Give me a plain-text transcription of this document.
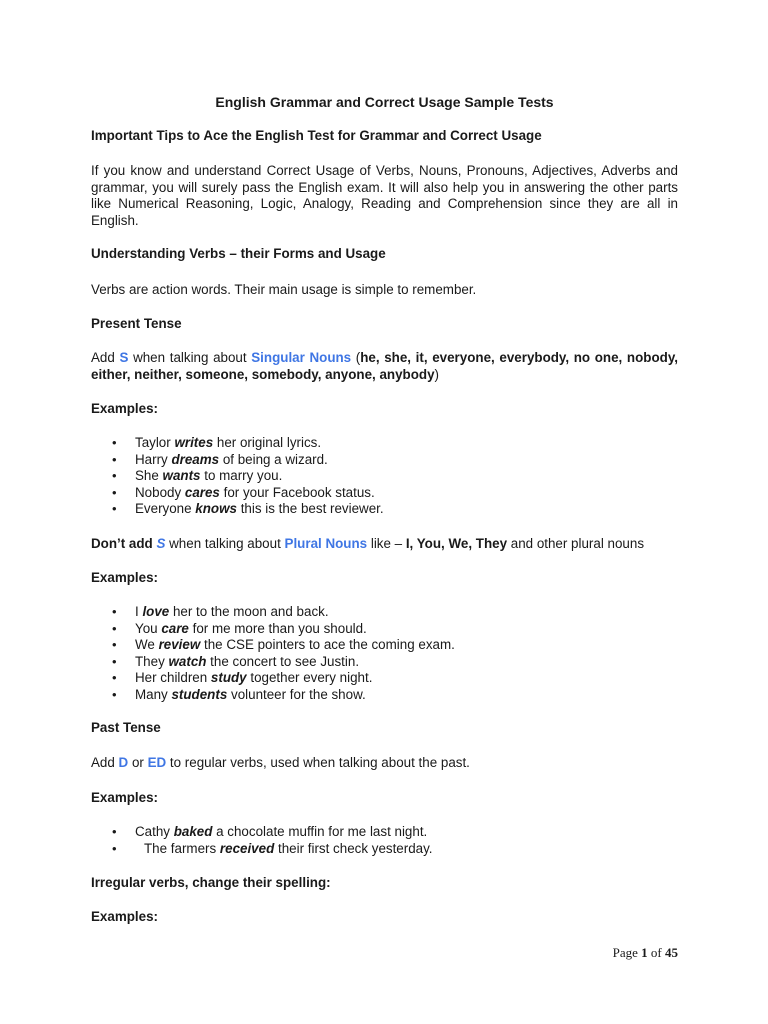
English Grammar and Correct Usage Sample Tests

Important Tips to Ace the English Test for Grammar and Correct Usage

If you know and understand Correct Usage of Verbs, Nouns, Pronouns, Adjectives, Adverbs and grammar, you will surely pass the English exam. It will also help you in answering the other parts like Numerical Reasoning, Logic, Analogy, Reading and Comprehension since they are all in English.

Understanding Verbs – their Forms and Usage

Verbs are action words. Their main usage is simple to remember.

Present Tense

Add S when talking about Singular Nouns (he, she, it, everyone, everybody, no one, nobody, either, neither, someone, somebody, anyone, anybody)

Examples:

• Taylor writes her original lyrics.
• Harry dreams of being a wizard.
• She wants to marry you.
• Nobody cares for your Facebook status.
• Everyone knows this is the best reviewer.

Don’t add S when talking about Plural Nouns like – I, You, We, They and other plural nouns

Examples:

• I love her to the moon and back.
• You care for me more than you should.
• We review the CSE pointers to ace the coming exam.
• They watch the concert to see Justin.
• Her children study together every night.
• Many students volunteer for the show.

Past Tense

Add D or ED to regular verbs, used when talking about the past.

Examples:

• Cathy baked a chocolate muffin for me last night.
• The farmers received their first check yesterday.

Irregular verbs, change their spelling:

Examples:

Page 1 of 45
